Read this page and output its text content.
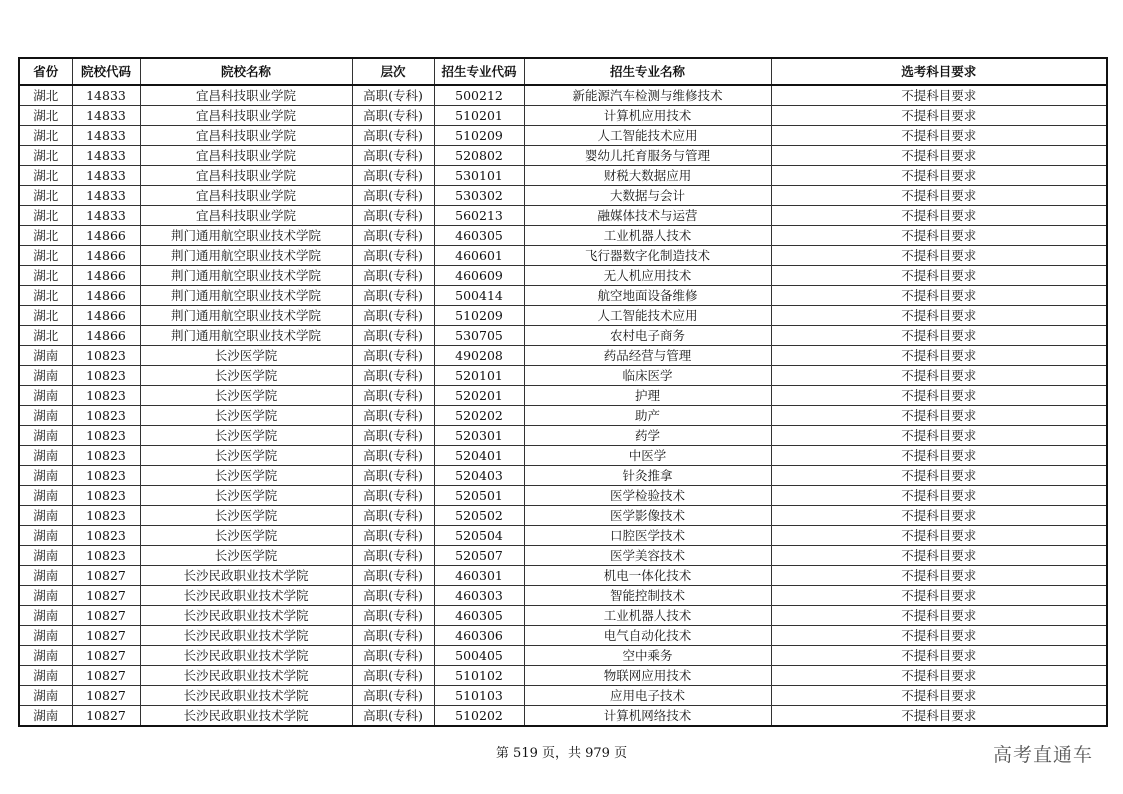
省份	院校代码	院校名称	层次	招生专业代码	招生专业名称	选考科目要求
湖北	14833	宜昌科技职业学院	高职(专科)	500212	新能源汽车检测与维修技术	不提科目要求
湖北	14833	宜昌科技职业学院	高职(专科)	510201	计算机应用技术	不提科目要求
湖北	14833	宜昌科技职业学院	高职(专科)	510209	人工智能技术应用	不提科目要求
湖北	14833	宜昌科技职业学院	高职(专科)	520802	婴幼儿托育服务与管理	不提科目要求
湖北	14833	宜昌科技职业学院	高职(专科)	530101	财税大数据应用	不提科目要求
湖北	14833	宜昌科技职业学院	高职(专科)	530302	大数据与会计	不提科目要求
湖北	14833	宜昌科技职业学院	高职(专科)	560213	融媒体技术与运营	不提科目要求
湖北	14866	荆门通用航空职业技术学院	高职(专科)	460305	工业机器人技术	不提科目要求
湖北	14866	荆门通用航空职业技术学院	高职(专科)	460601	飞行器数字化制造技术	不提科目要求
湖北	14866	荆门通用航空职业技术学院	高职(专科)	460609	无人机应用技术	不提科目要求
湖北	14866	荆门通用航空职业技术学院	高职(专科)	500414	航空地面设备维修	不提科目要求
湖北	14866	荆门通用航空职业技术学院	高职(专科)	510209	人工智能技术应用	不提科目要求
湖北	14866	荆门通用航空职业技术学院	高职(专科)	530705	农村电子商务	不提科目要求
湖南	10823	长沙医学院	高职(专科)	490208	药品经营与管理	不提科目要求
湖南	10823	长沙医学院	高职(专科)	520101	临床医学	不提科目要求
湖南	10823	长沙医学院	高职(专科)	520201	护理	不提科目要求
湖南	10823	长沙医学院	高职(专科)	520202	助产	不提科目要求
湖南	10823	长沙医学院	高职(专科)	520301	药学	不提科目要求
湖南	10823	长沙医学院	高职(专科)	520401	中医学	不提科目要求
湖南	10823	长沙医学院	高职(专科)	520403	针灸推拿	不提科目要求
湖南	10823	长沙医学院	高职(专科)	520501	医学检验技术	不提科目要求
湖南	10823	长沙医学院	高职(专科)	520502	医学影像技术	不提科目要求
湖南	10823	长沙医学院	高职(专科)	520504	口腔医学技术	不提科目要求
湖南	10823	长沙医学院	高职(专科)	520507	医学美容技术	不提科目要求
湖南	10827	长沙民政职业技术学院	高职(专科)	460301	机电一体化技术	不提科目要求
湖南	10827	长沙民政职业技术学院	高职(专科)	460303	智能控制技术	不提科目要求
湖南	10827	长沙民政职业技术学院	高职(专科)	460305	工业机器人技术	不提科目要求
湖南	10827	长沙民政职业技术学院	高职(专科)	460306	电气自动化技术	不提科目要求
湖南	10827	长沙民政职业技术学院	高职(专科)	500405	空中乘务	不提科目要求
湖南	10827	长沙民政职业技术学院	高职(专科)	510102	物联网应用技术	不提科目要求
湖南	10827	长沙民政职业技术学院	高职(专科)	510103	应用电子技术	不提科目要求
湖南	10827	长沙民政职业技术学院	高职(专科)	510202	计算机网络技术	不提科目要求
第 519 页，共 979 页	高考直通车
